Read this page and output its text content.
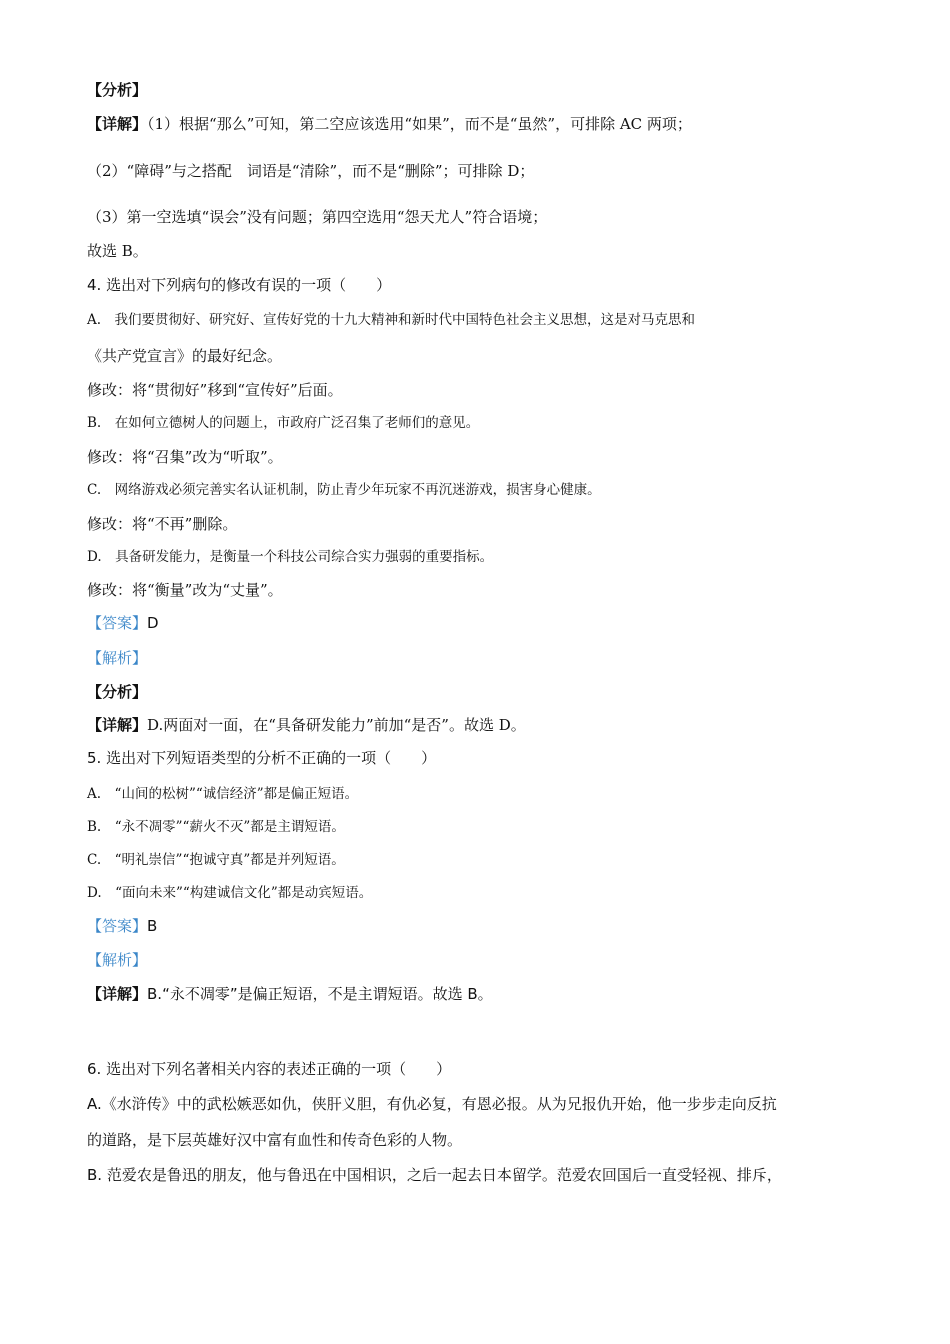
【分析】
【详解】（1）根据“那么”可知，第二空应该选用“如果”，而不是“虽然”，可排除 AC 两项；
（2）“障碍”与之搭配　词语是“清除”，而不是“删除”；可排除 D；
（3）第一空选填“误会”没有问题；第四空选用“怨天尤人”符合语境；
故选 B。
4. 选出对下列病句的修改有误的一项（　　）
A.　我们要贯彻好、研究好、宣传好党的十九大精神和新时代中国特色社会主义思想，这是对马克思和
《共产党宣言》的最好纪念。
修改：将“贯彻好”移到“宣传好”后面。
B.　在如何立德树人的问题上，市政府广泛召集了老师们的意见。
修改：将“召集”改为“听取”。
C.　网络游戏必须完善实名认证机制，防止青少年玩家不再沉迷游戏，损害身心健康。
修改：将“不再”删除。
D.　具备研发能力，是衡量一个科技公司综合实力强弱的重要指标。
修改：将“衡量”改为“丈量”。
【答案】D
【解析】
【分析】
【详解】D.两面对一面，在“具备研发能力”前加“是否”。故选 D。
5. 选出对下列短语类型的分析不正确的一项（　　）
A.　“山间的松树”“诚信经济”都是偏正短语。
B.　“永不凋零”“薪火不灭”都是主谓短语。
C.　“明礼崇信”“抱诚守真”都是并列短语。
D.　“面向未来”“构建诚信文化”都是动宾短语。
【答案】B
【解析】
【详解】B.“永不凋零”是偏正短语，不是主谓短语。故选 B。
6. 选出对下列名著相关内容的表述正确的一项（　　）
A.《水浒传》中的武松嫉恶如仇，侠肝义胆，有仇必复，有恩必报。从为兄报仇开始，他一步步走向反抗
的道路，是下层英雄好汉中富有血性和传奇色彩的人物。
B. 范爱农是鲁迅的朋友，他与鲁迅在中国相识，之后一起去日本留学。范爱农回国后一直受轻视、排斥，
